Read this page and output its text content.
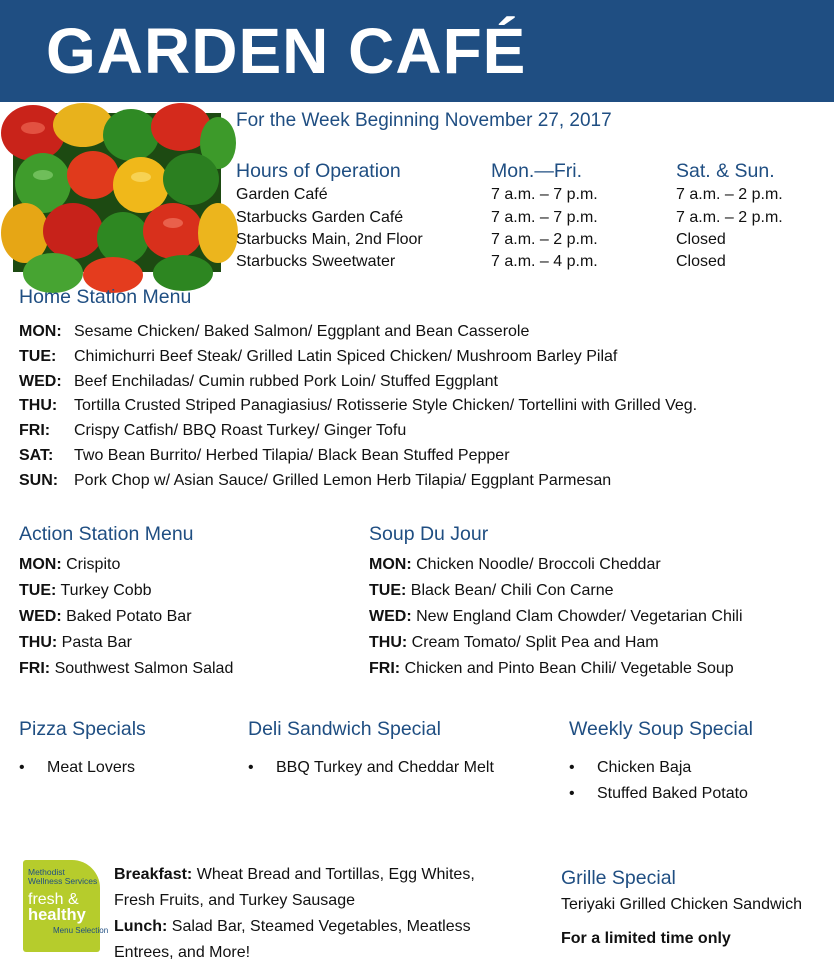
GARDEN CAFÉ
For the Week Beginning November 27, 2017
Hours of Operation	Mon.—Fri.	Sat. & Sun.
Garden Café	7 a.m. – 7 p.m.	7 a.m. – 2 p.m.
Starbucks Garden Café	7 a.m. – 7 p.m.	7 a.m. – 2 p.m.
Starbucks Main, 2nd Floor	7 a.m. – 2 p.m.	Closed
Starbucks Sweetwater	7 a.m. – 4 p.m.	Closed
Home Station Menu
MON: Sesame Chicken/ Baked Salmon/ Eggplant and Bean Casserole
TUE: Chimichurri Beef Steak/ Grilled Latin Spiced Chicken/ Mushroom Barley Pilaf
WED: Beef Enchiladas/ Cumin rubbed Pork Loin/ Stuffed Eggplant
THU: Tortilla Crusted Striped Panagiasius/ Rotisserie Style Chicken/ Tortellini with Grilled Veg.
FRI: Crispy Catfish/ BBQ Roast Turkey/ Ginger Tofu
SAT: Two Bean Burrito/ Herbed Tilapia/ Black Bean Stuffed Pepper
SUN: Pork Chop w/ Asian Sauce/ Grilled Lemon Herb Tilapia/ Eggplant Parmesan
Action Station Menu
MON: Crispito
TUE: Turkey Cobb
WED: Baked Potato Bar
THU: Pasta Bar
FRI: Southwest Salmon Salad
Soup Du Jour
MON: Chicken Noodle/ Broccoli Cheddar
TUE: Black Bean/ Chili Con Carne
WED: New England Clam Chowder/ Vegetarian Chili
THU: Cream Tomato/ Split Pea and Ham
FRI: Chicken and Pinto Bean Chili/ Vegetable Soup
Pizza Specials
• Meat Lovers
Deli Sandwich Special
• BBQ Turkey and Cheddar Melt
Weekly Soup Special
• Chicken Baja
• Stuffed Baked Potato
Methodist
Wellness Services
fresh &
healthy
Menu Selection
Breakfast: Wheat Bread and Tortillas, Egg Whites,
Fresh Fruits, and Turkey Sausage
Lunch: Salad Bar, Steamed Vegetables, Meatless
Entrees, and More!
Grille Special
Teriyaki Grilled Chicken Sandwich
For a limited time only
